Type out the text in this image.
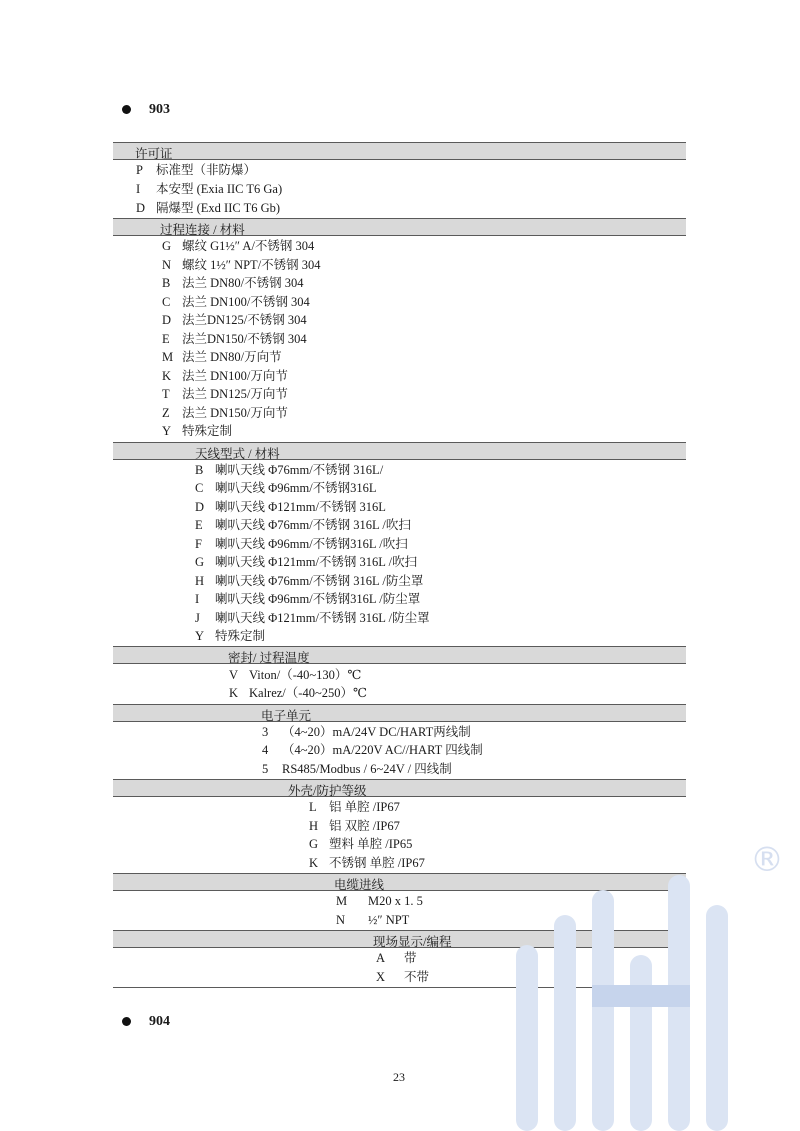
903
许可证
P 标准型（非防爆）
I 本安型 (Exia IIC T6 Ga)
D 隔爆型 (Exd IIC T6 Gb)
过程连接 / 材料
G 螺纹 G1½″ A/不锈钢 304
N 螺纹 1½″ NPT/不锈钢 304
B 法兰 DN80/不锈钢 304
C 法兰 DN100/不锈钢 304
D 法兰DN125/不锈钢 304
E 法兰DN150/不锈钢 304
M 法兰 DN80/万向节
K 法兰 DN100/万向节
T 法兰 DN125/万向节
Z 法兰 DN150/万向节
Y 特殊定制
天线型式 / 材料
B 喇叭天线 Φ76mm/不锈钢 316L/
C 喇叭天线 Φ96mm/不锈钢316L
D 喇叭天线 Φ121mm/不锈钢 316L
E 喇叭天线 Φ76mm/不锈钢 316L /吹扫
F 喇叭天线 Φ96mm/不锈钢316L /吹扫
G 喇叭天线 Φ121mm/不锈钢 316L /吹扫
H 喇叭天线 Φ76mm/不锈钢 316L /防尘罩
I 喇叭天线 Φ96mm/不锈钢316L /防尘罩
J 喇叭天线 Φ121mm/不锈钢 316L /防尘罩
Y 特殊定制
密封/ 过程温度
V Viton/（-40~130）℃
K Kalrez/（-40~250）℃
电子单元
3 （4~20）mA/24V DC/HART两线制
4 （4~20）mA/220V AC//HART 四线制
5 RS485/Modbus / 6~24V / 四线制
外壳/防护等级
L 铝 单腔 /IP67
H 铝 双腔 /IP67
G 塑料 单腔 /IP65
K 不锈钢 单腔 /IP67
电缆进线
M M20 x 1. 5
N ½″ NPT
现场显示/编程
A 带
X 不带
904
23
®
